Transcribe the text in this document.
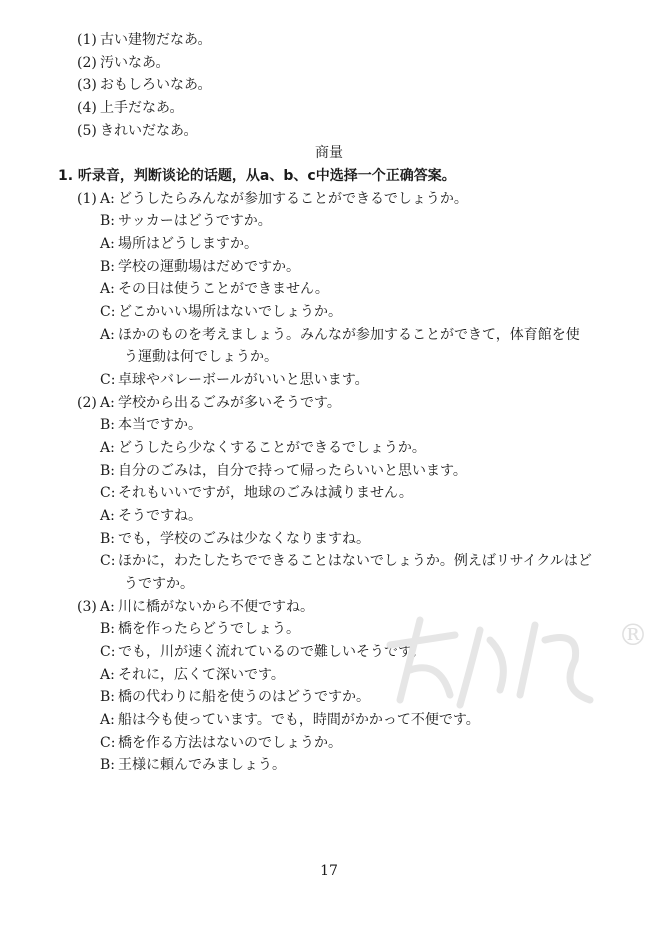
(1) 古い建物だなあ。
(2) 汚いなあ。
(3) おもしろいなあ。
(4) 上手だなあ。
(5) きれいだなあ。
商量
1. 听录音，判断谈论的话题，从a、b、c中选择一个正确答案。
(1) A: どうしたらみんなが参加することができるでしょうか。
B: サッカーはどうですか。
A: 場所はどうしますか。
B: 学校の運動場はだめですか。
A: その日は使うことができません。
C: どこかいい場所はないでしょうか。
A: ほかのものを考えましょう。みんなが参加することができて，体育館を使
う運動は何でしょうか。
C: 卓球やバレーボールがいいと思います。
(2) A: 学校から出るごみが多いそうです。
B: 本当ですか。
A: どうしたら少なくすることができるでしょうか。
B: 自分のごみは，自分で持って帰ったらいいと思います。
C: それもいいですが，地球のごみは減りません。
A: そうですね。
B: でも，学校のごみは少なくなりますね。
C: ほかに，わたしたちでできることはないでしょうか。例えばリサイクルはど
うですか。
(3) A: 川に橋がないから不便ですね。
B: 橋を作ったらどうでしょう。
C: でも，川が速く流れているので難しいそうです。
A: それに，広くて深いです。
B: 橋の代わりに船を使うのはどうですか。
A: 船は今も使っています。でも，時間がかかって不便です。
C: 橋を作る方法はないのでしょうか。
B: 王様に頼んでみましょう。
®
17
